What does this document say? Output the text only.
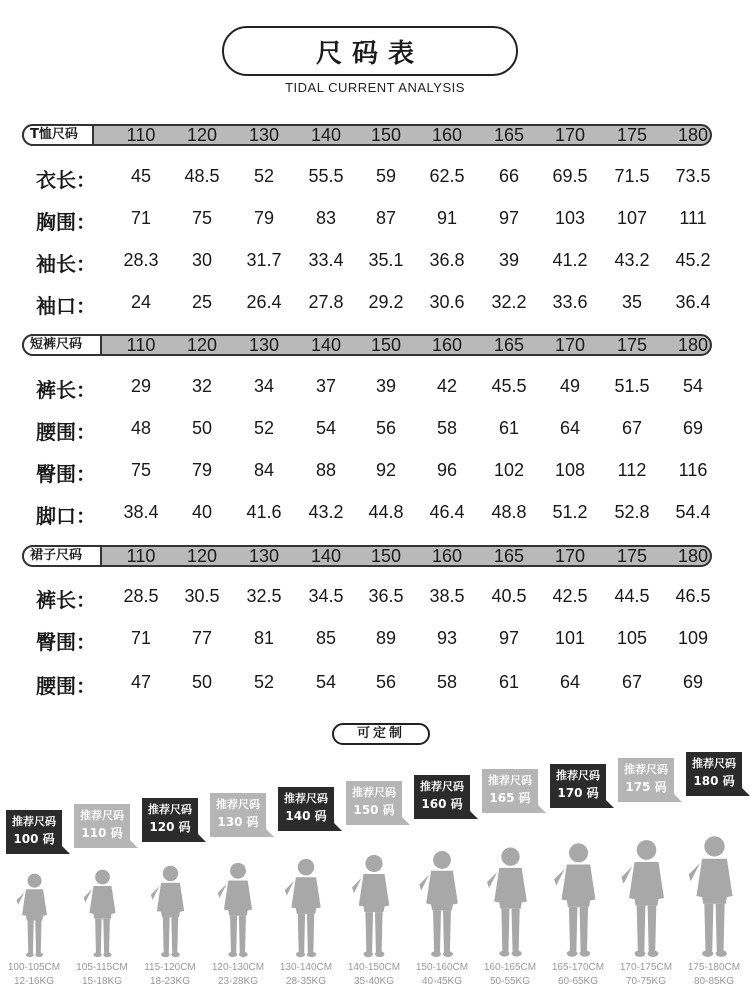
尺码表
TIDAL CURRENT ANALYSIS
T恤尺码	110	120	130	140	150	160	165	170	175	180
衣长：	45	48.5	52	55.5	59	62.5	66	69.5	71.5	73.5
胸围：	71	75	79	83	87	91	97	103	107	111
袖长：	28.3	30	31.7	33.4	35.1	36.8	39	41.2	43.2	45.2
袖口：	24	25	26.4	27.8	29.2	30.6	32.2	33.6	35	36.4
短裤尺码	110	120	130	140	150	160	165	170	175	180
裤长：	29	32	34	37	39	42	45.5	49	51.5	54
腰围：	48	50	52	54	56	58	61	64	67	69
臀围：	75	79	84	88	92	96	102	108	112	116
脚口：	38.4	40	41.6	43.2	44.8	46.4	48.8	51.2	52.8	54.4
裙子尺码	110	120	130	140	150	160	165	170	175	180
裤长：	28.5	30.5	32.5	34.5	36.5	38.5	40.5	42.5	44.5	46.5
臀围：	71	77	81	85	89	93	97	101	105	109
腰围：	47	50	52	54	56	58	61	64	67	69
可定制
推荐尺码
100 码
100-105CM
12-16KG
推荐尺码
110 码
105-115CM
15-18KG
推荐尺码
120 码
115-120CM
18-23KG
推荐尺码
130 码
120-130CM
23-28KG
推荐尺码
140 码
130-140CM
28-35KG
推荐尺码
150 码
140-150CM
35-40KG
推荐尺码
160 码
150-160CM
40-45KG
推荐尺码
165 码
160-165CM
50-55KG
推荐尺码
170 码
165-170CM
60-65KG
推荐尺码
175 码
170-175CM
70-75KG
推荐尺码
180 码
175-180CM
80-85KG
